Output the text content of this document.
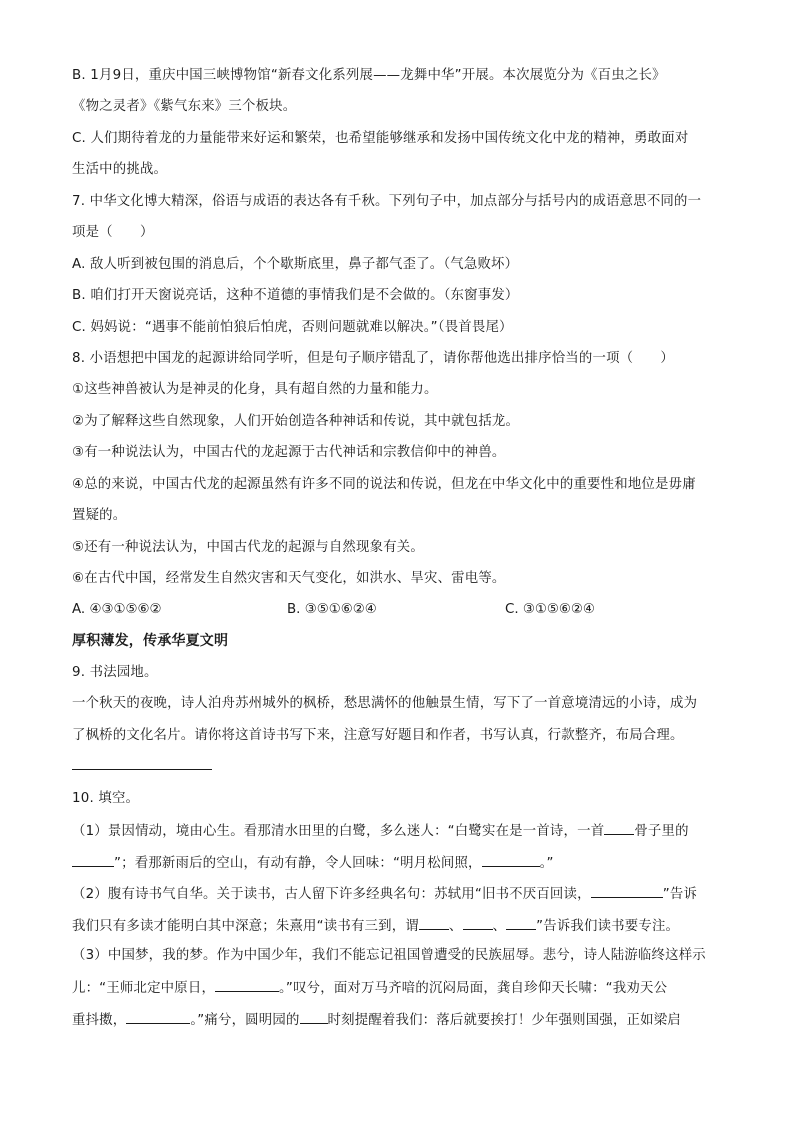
B. 1月9日，重庆中国三峡博物馆“新春文化系列展——龙舞中华”开展。本次展览分为《百虫之长》
《物之灵者》《紫气东来》三个板块。
C. 人们期待着龙的力量能带来好运和繁荣，也希望能够继承和发扬中国传统文化中龙的精神，勇敢面对
生活中的挑战。
7. 中华文化博大精深，俗语与成语的表达各有千秋。下列句子中，加点部分与括号内的成语意思不同的一
项是（　　）
A. 敌人听到被包围的消息后，个个歇斯底里，鼻子都气歪了。（气急败坏）
B. 咱们打开天窗说亮话，这种不道德的事情我们是不会做的。（东窗事发）
C. 妈妈说：“遇事不能前怕狼后怕虎，否则问题就难以解决。”（畏首畏尾）
8. 小语想把中国龙的起源讲给同学听，但是句子顺序错乱了，请你帮他选出排序恰当的一项（　　）
①这些神兽被认为是神灵的化身，具有超自然的力量和能力。
②为了解释这些自然现象，人们开始创造各种神话和传说，其中就包括龙。
③有一种说法认为，中国古代的龙起源于古代神话和宗教信仰中的神兽。
④总的来说，中国古代龙的起源虽然有许多不同的说法和传说，但龙在中华文化中的重要性和地位是毋庸
置疑的。
⑤还有一种说法认为，中国古代龙的起源与自然现象有关。
⑥在古代中国，经常发生自然灾害和天气变化，如洪水、旱灾、雷电等。
A. ④③①⑤⑥②	B. ③⑤①⑥②④	C. ③①⑤⑥②④
厚积薄发，传承华夏文明
9. 书法园地。
一个秋天的夜晚，诗人泊舟苏州城外的枫桥，愁思满怀的他触景生情，写下了一首意境清远的小诗，成为
了枫桥的文化名片。请你将这首诗书写下来，注意写好题目和作者，书写认真，行款整齐，布局合理。
10. 填空。
（1）景因情动，境由心生。看那清水田里的白鹭，多么迷人：“白鹭实在是一首诗，一首 骨子里的
”；看那新雨后的空山，有动有静，令人回味：“明月松间照，	。”
（2）腹有诗书气自华。关于读书，古人留下许多经典名句：苏轼用“旧书不厌百回读，	”告诉
我们只有多读才能明白其中深意；朱熹用“读书有三到，谓 、 、 ”告诉我们读书要专注。
（3）中国梦，我的梦。作为中国少年，我们不能忘记祖国曾遭受的民族屈辱。悲兮，诗人陆游临终这样示
儿：“王师北定中原日，	。”叹兮，面对万马齐喑的沉闷局面，龚自珍仰天长啸：“我劝天公
重抖擞，	。”痛兮，圆明园的 时刻提醒着我们：落后就要挨打！少年强则国强，正如梁启
